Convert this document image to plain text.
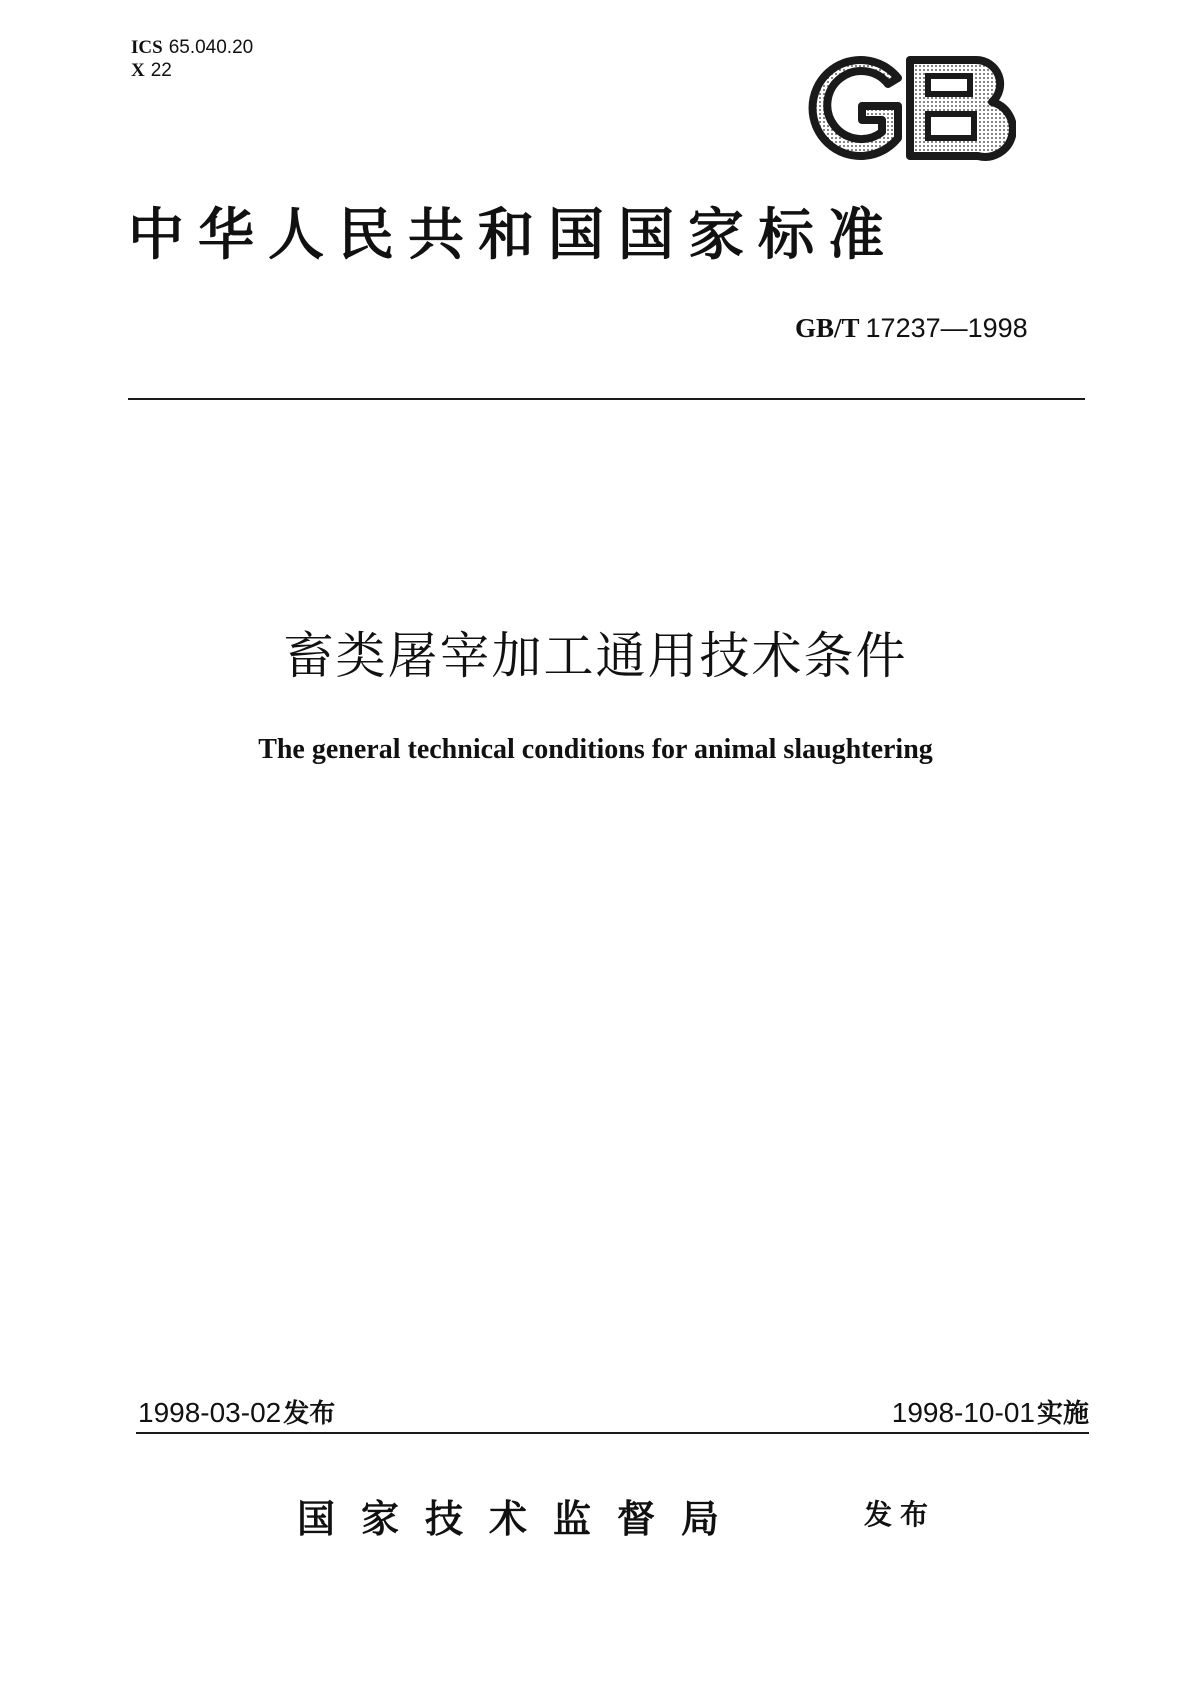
ICS 65.040.20
X 22
中华人民共和国国家标准
GB/T 17237—1998
畜类屠宰加工通用技术条件
The general technical conditions for animal slaughtering
1998-03-02发布	1998-10-01实施
国家技术监督局	发布
